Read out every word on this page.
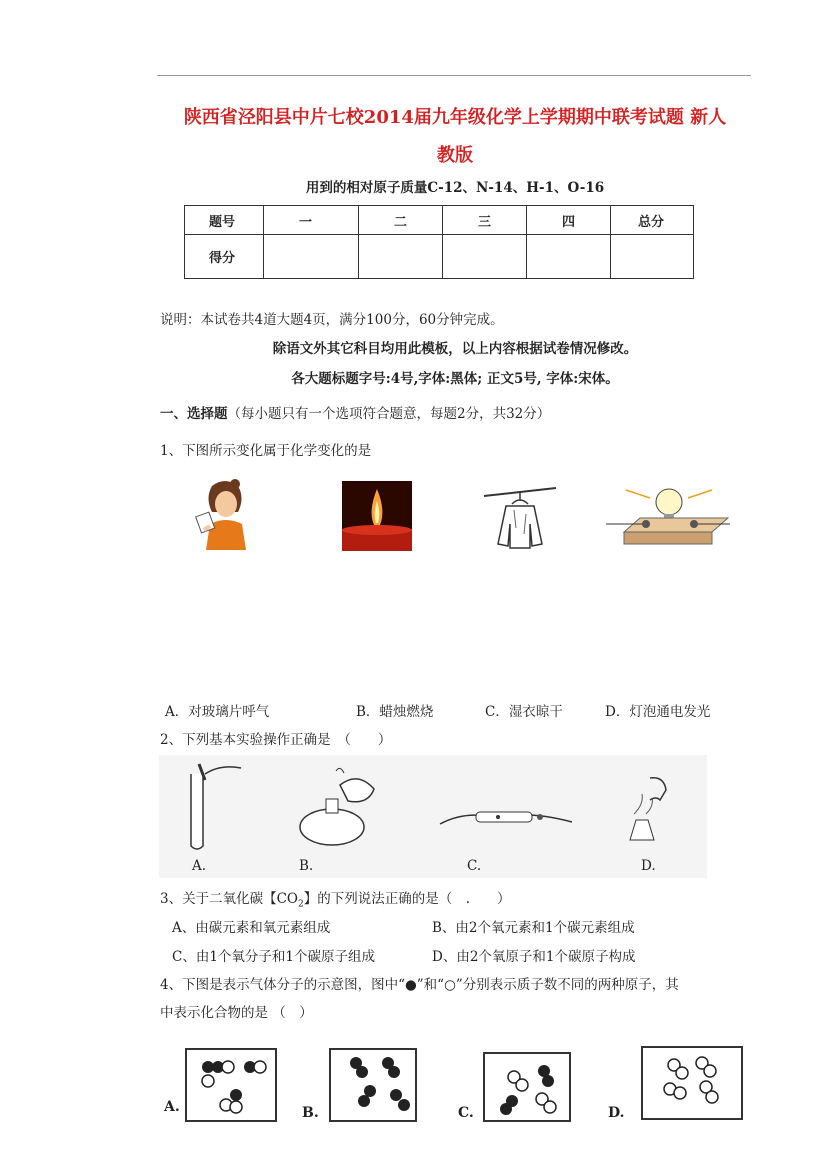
陕西省泾阳县中片七校2014届九年级化学上学期期中联考试题 新人
教版
用到的相对原子质量C-12、N-14、H-1、O-16
题号	一	二	三	四	总分
得分					
说明：本试卷共4道大题4页，满分100分，60分钟完成。
除语文外其它科目均用此模板，以上内容根据试卷情况修改。
各大题标题字号:4号,字体:黑体; 正文5号, 字体:宋体。
一、选择题（每小题只有一个选项符合题意，每题2分，共32分）
1、下图所示变化属于化学变化的是
A．对玻璃片呼气	B．蜡烛燃烧	C．湿衣晾干	D．灯泡通电发光
2、下列基本实验操作正确是　（　　）
A.	B.	C.	D.
3、关于二氧化碳【$CO_2$】的下列说法正确的是（　.　　）
A、由碳元素和氧元素组成	B、由2个氧元素和1个碳元素组成
C、由1个氧分子和1个碳原子组成	D、由2个氧原子和1个碳原子构成
4、下图是表示气体分子的示意图，图中“●”和“○”分别表示质子数不同的两种原子，其
中表示化合物的是 （　）
A.	B.	C.	D.
